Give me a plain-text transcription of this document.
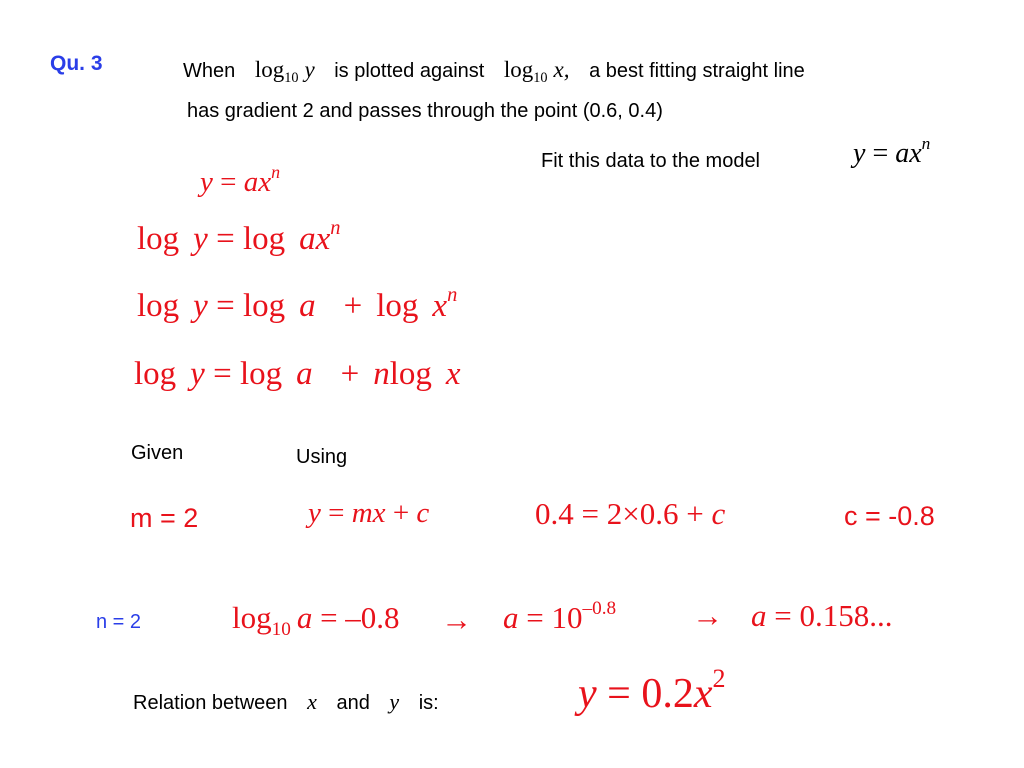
Qu. 3	When $\log_{10} y$ is plotted against $\log_{10} x$, a best fitting straight line
has gradient 2 and passes through the point (0.6, 0.4)
Fit this data to the model	$y = ax^n$
$y = ax^n$
$\log y = \log ax^n$
$\log y = \log a + \log x^n$
log y = log a + nlog x
Given	Using
m = 2	y = mx + c	0.4 = 2×0.6 + c	c = -0.8
n = 2	$\log_{10} a = -0.8 \to a = 10^{-0.8} \to a = 0.158$...
Relation between x and y is:	$y = 0.2x^2$
